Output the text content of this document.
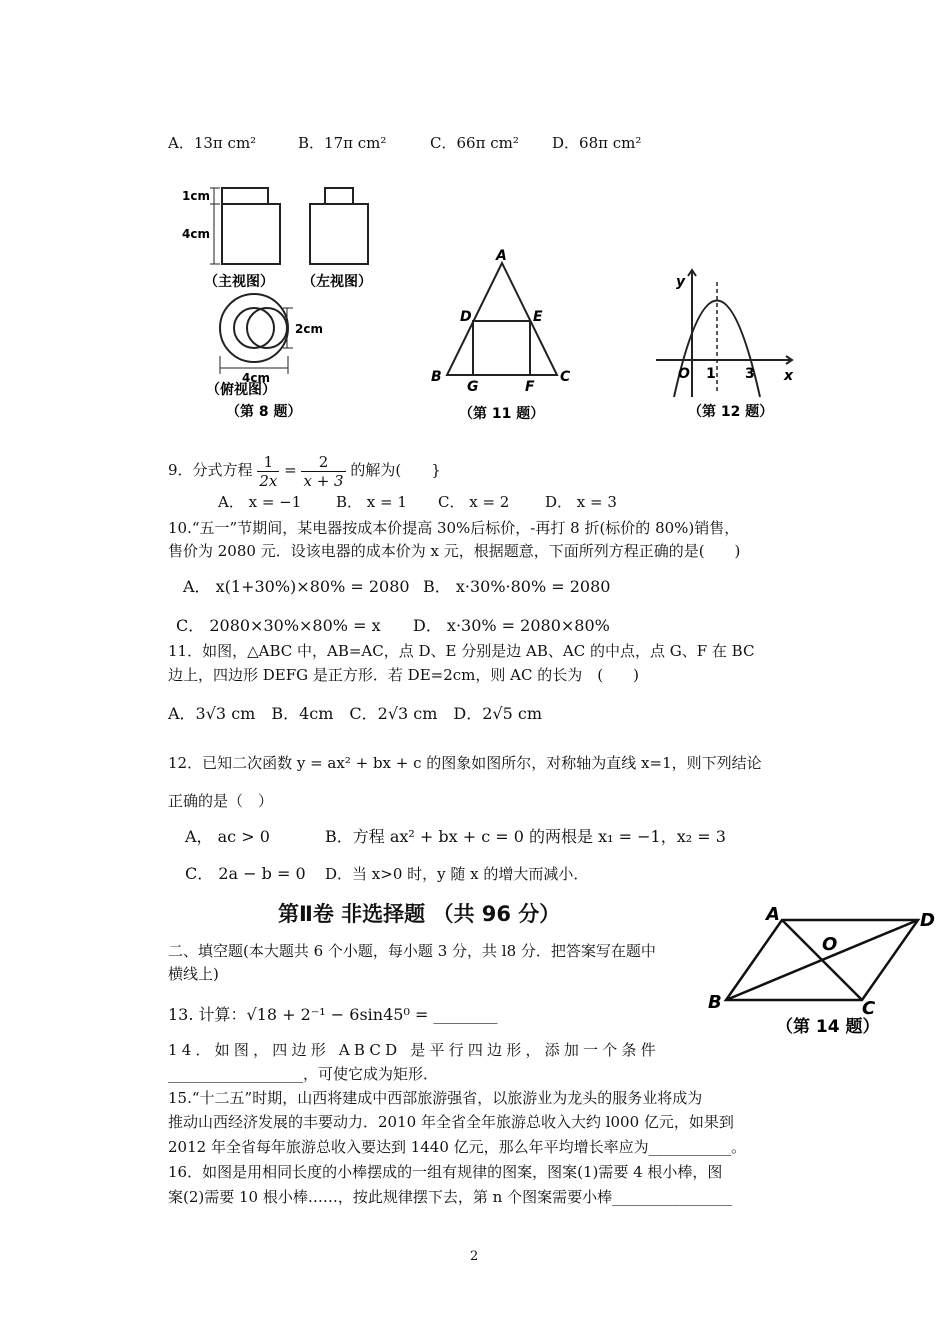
A．13π cm²	B．17π cm²	C．66π cm² D．68π cm²
1cm
4cm
（主视图） （左视图）
2cm
4cm
（俯视图）
（第 8 题）
A
B	C
D	E
F
G
（第 11 题）
y
x
O 1 3
（第 12 题）
9．分式方程 $\frac{1}{2x} = \frac{2}{x + 3}$ 的解为(　　}
A． x = −1 B． x = 1 C． x = 2 D． x = 3
10.“五一”节期间，某电器按成本价提高 30%后标价，-再打 8 折(标价的 80%)销售，
售价为 2080 元．设该电器的成本价为 x 元，根据题意，下面所列方程正确的是(　　)
A． x(1+30%)×80% = 2080 B． x·30%·80% = 2080
C． 2080×30%×80% = x D． x·30% = 2080×80%
11．如图，△ABC 中，AB=AC，点 D、E 分别是边 AB、AC 的中点，点 G、F 在 BC
边上，四边形 DEFG 是正方形．若 DE=2cm，则 AC 的长为　(　　)
A．3√3 cm　B．4cm　C．2√3 cm　D．2√5 cm
12．已知二次函数 y = ax² + bx + c 的图象如图所尔，对称轴为直线 x=1，则下列结论
正确的是（　）
A， ac > 0	B．方程 ax² + bx + c = 0 的两根是 x₁ = −1，x₂ = 3
C． 2a − b = 0 D．当 x>0 时，y 随 x 的增大而减小．
第Ⅱ卷 非选择题 （共 96 分）
二、填空题(本大题共 6 个小题，每小题 3 分，共 l8 分．把答案写在题中
横线上)
A	D
O
B	C
（第 14 题）
13. 计算：√18 + 2⁻¹ − 6sin45⁰ = ________
14．如图，四边形 ABCD 是平行四边形，添加一个条件
__________________，可使它成为矩形．
15.“十二五”时期，山西将建成中西部旅游强省，以旅游业为龙头的服务业将成为
推动山西经济发展的丰要动力．2010 年全省全年旅游总收入大约 l000 亿元，如果到
2012 年全省每年旅游总收入要达到 1440 亿元，那么年平均增长率应为___________。
16．如图是用相同长度的小棒摆成的一组有规律的图案，图案(1)需要 4 根小棒，图
案(2)需要 10 根小棒……，按此规律摆下去，第 n 个图案需要小棒________________
2
